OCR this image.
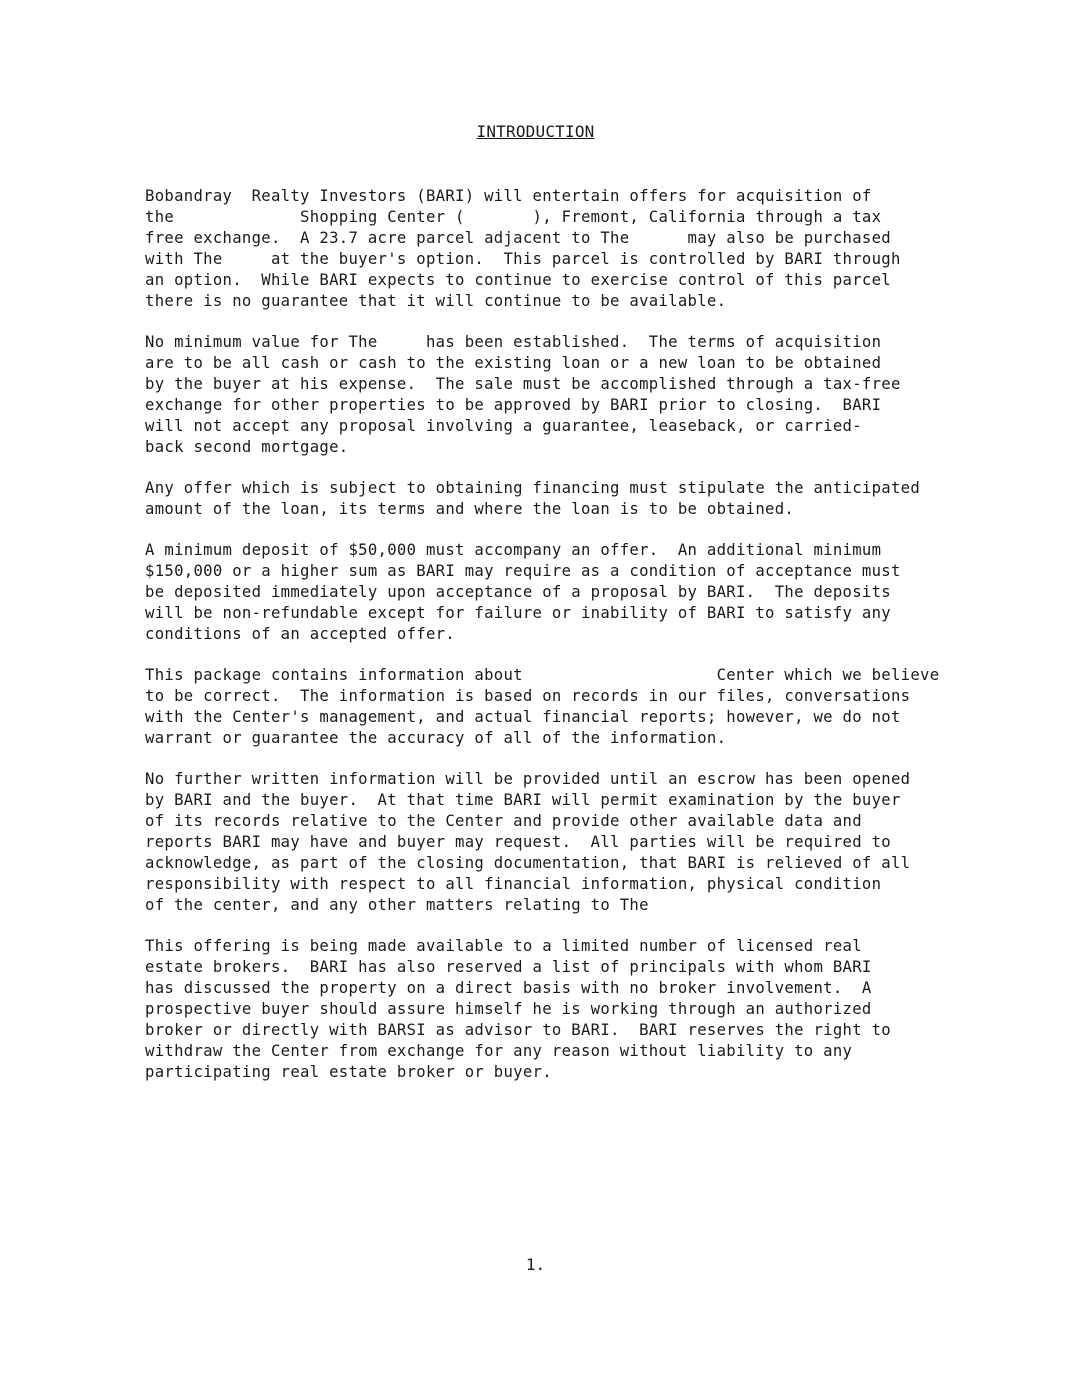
INTRODUCTION
Bobandray  Realty Investors (BARI) will entertain offers for acquisition of
the             Shopping Center (       ), Fremont, California through a tax
free exchange.  A 23.7 acre parcel adjacent to The      may also be purchased
with The     at the buyer's option.  This parcel is controlled by BARI through
an option.  While BARI expects to continue to exercise control of this parcel
there is no guarantee that it will continue to be available.
No minimum value for The     has been established.  The terms of acquisition
are to be all cash or cash to the existing loan or a new loan to be obtained
by the buyer at his expense.  The sale must be accomplished through a tax-free
exchange for other properties to be approved by BARI prior to closing.  BARI
will not accept any proposal involving a guarantee, leaseback, or carried-
back second mortgage.
Any offer which is subject to obtaining financing must stipulate the anticipated
amount of the loan, its terms and where the loan is to be obtained.
A minimum deposit of $50,000 must accompany an offer.  An additional minimum
$150,000 or a higher sum as BARI may require as a condition of acceptance must
be deposited immediately upon acceptance of a proposal by BARI.  The deposits
will be non-refundable except for failure or inability of BARI to satisfy any
conditions of an accepted offer.
This package contains information about                    Center which we believe
to be correct.  The information is based on records in our files, conversations
with the Center's management, and actual financial reports; however, we do not
warrant or guarantee the accuracy of all of the information.
No further written information will be provided until an escrow has been opened
by BARI and the buyer.  At that time BARI will permit examination by the buyer
of its records relative to the Center and provide other available data and
reports BARI may have and buyer may request.  All parties will be required to
acknowledge, as part of the closing documentation, that BARI is relieved of all
responsibility with respect to all financial information, physical condition
of the center, and any other matters relating to The
This offering is being made available to a limited number of licensed real
estate brokers.  BARI has also reserved a list of principals with whom BARI
has discussed the property on a direct basis with no broker involvement.  A
prospective buyer should assure himself he is working through an authorized
broker or directly with BARSI as advisor to BARI.  BARI reserves the right to
withdraw the Center from exchange for any reason without liability to any
participating real estate broker or buyer.
1.
